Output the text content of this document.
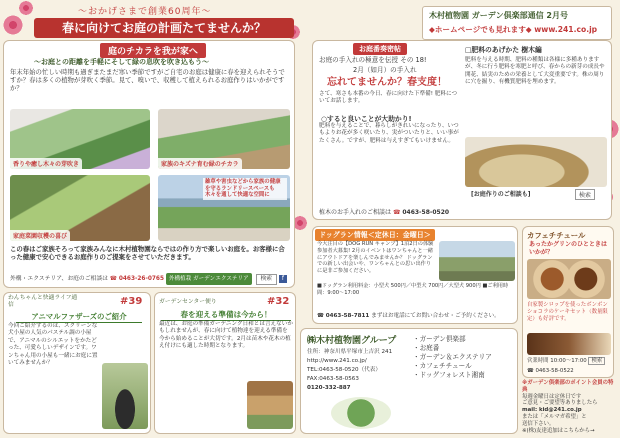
～おかげさまで創業60周年～
春に向けてお庭の計画たてませんか？
木村植物園 ガーデン倶楽部通信 2月号
◆ホームページでも見れます◆ www.241.co.jp
庭のチカラを我が家へ
～お庭との距離を手軽にそして緑の息吹を吹き込もう～
年末年始の忙しい時期も過ぎまたまだ寒い季節ですがご自宅のお庭は健康に春を迎えられそうですか？春は多くの植物が芽吹く季節。見て、嗅いで、収穫して植えられるお庭作りはいかがですか？
香りや癒し木々の芽吹き	家族のキズナ育む緑のチカラ
家庭菜園収穫の喜び
雑草や害虫などから家族の健康を守るランドリースペースも木々を通して快適な空間に
この春はご家族そろって家族みんなに木村植物園ならではの作り方で楽しいお庭を。お客様に合った健康で安心できるお庭作りのご提案をさせていただきます。
外構・エクステリア、お庭のご相談は ☎ 0463-26-0765 外構植栽 ガーデンエクステリア 検索 f
お庭番奏密帖
お庭の手入れの極意を伝授 その 18!
2月（如月）の手入れ
忘れてませんか？春支度！
さて、寒さも本番の今日、春に向けた下準備! 肥料についてお話します。
○すると良いことが大助かり!
肥料を与えることで、暮らしがきれいになったり、いつもよりお花が多く咲いたり、実がついたりと、いい事がたくさん。ですが、肥料は与えすぎてもいけません。
□肥料のあげかた 樹木編
肥料を与える時期、肥料の種類は各様に多種ありますが、冬に行う肥料を寒肥と呼び、春からの新芽の成長や開花、結実のための栄養として大変重要です。株の周りに穴を掘り、有機質肥料を埋めます。
[お庭作りのご相談も]	検索
植木のお手入れのご相談は ☎ 0463-58-0520
ドッグラン情報＜定休日：金曜日＞
今大注目の【DOG RUN キャンプ】1泊2日の体験参加者大募集! 2月のイベントはワンちゃんと一緒にアウトドアを楽しんでみませんか？ ドッグランでの新しい出会いや、ワンちゃんとの思い出作りに是非ご参加ください。
■ドッグラン利用料金：小型犬 500円／中型犬 700円／大型犬 900円 ■ご利用時間：9:00～17:00
☎ 0463-58-7811 まずはお電話にてお問い合わせ・ご予約ください。
カフェチチュール
あったかグリンのひとときはいかが？
自家製シロップを使ったボンボンショコラのケーキセット（数量限定）も好評です。
営業時間 10:00～17:00 検索
☎ 0463-58-0522
わんちゃんと快適ライフ通信	#39
アニマルファザーズのご紹介
今回ご紹介するのは、スクリーンな犬小屋の人気のパステル調の小屋で、アニマルのシルエットをかたどった、可愛らしいデザインです。ワンちゃん用の小屋も一緒にお庭に置いてみませんか？
ガーデンセンター便り	#32
春を迎える準備は今から！
最近は、お庭の準備ガーデニング日和とは言えないかもしれませんが、春に向けて植物達を迎える準備を今から始めることが大切です。2月は苗木や花木の植え付けにも適した時期となります。
㈱木村植物園グループ
住所：神奈川県平塚市上吉沢 241
http://www.241.co.jp/
TEL:0463-58-0520（代表）
FAX:0463-58-0563
0120-332-887
・ガーデン倶楽部
・お庭番
・ガーデン＆エクステリア
・カフェチチュール
・ドッグフォレスト湘南
※ガーデン倶楽部のポイント会員の特典
毎週金曜日は定休日です
ご意見・ご要望等ありましたら
mail: kid@241.co.jp
または「メルマガ希望」と
送信下さい。
※(株)友達追加はこちらから→
